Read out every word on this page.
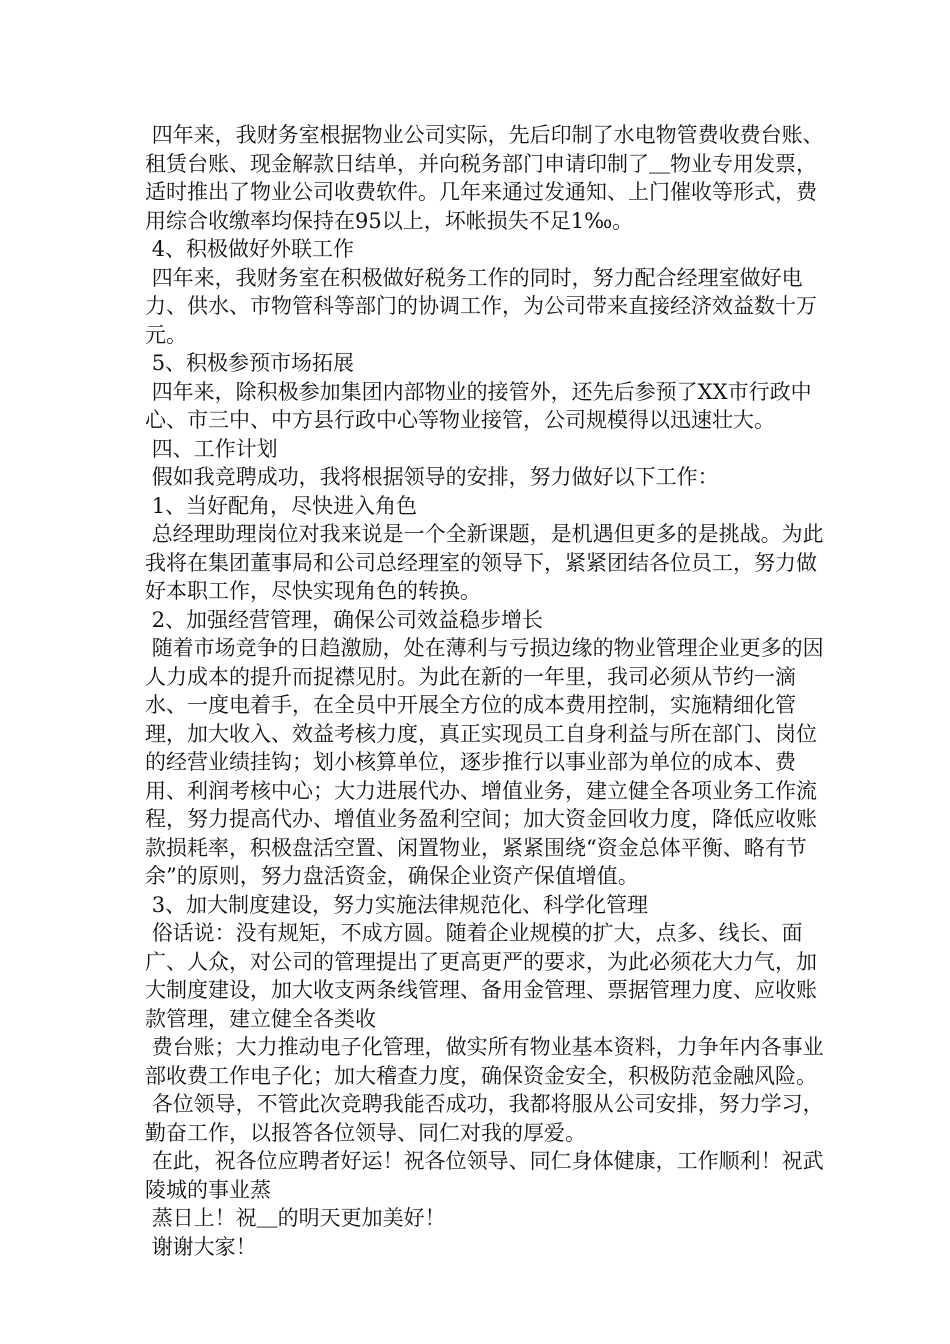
四年来，我财务室根据物业公司实际，先后印制了水电物管费收费台账、租赁台账、现金解款日结单，并向税务部门申请印制了＿物业专用发票，适时推出了物业公司收费软件。几年来通过发通知、上门催收等形式，费用综合收缴率均保持在95以上，坏帐损失不足1‰。

4、积极做好外联工作

四年来，我财务室在积极做好税务工作的同时，努力配合经理室做好电力、供水、市物管科等部门的协调工作，为公司带来直接经济效益数十万元。

5、积极参预市场拓展

四年来，除积极参加集团内部物业的接管外，还先后参预了XX市行政中心、市三中、中方县行政中心等物业接管，公司规模得以迅速壮大。

四、工作计划

假如我竞聘成功，我将根据领导的安排，努力做好以下工作：

1、当好配角，尽快进入角色

总经理助理岗位对我来说是一个全新课题，是机遇但更多的是挑战。为此我将在集团董事局和公司总经理室的领导下，紧紧团结各位员工，努力做好本职工作，尽快实现角色的转换。

2、加强经营管理，确保公司效益稳步增长

随着市场竞争的日趋激励，处在薄利与亏损边缘的物业管理企业更多的因人力成本的提升而捉襟见肘。为此在新的一年里，我司必须从节约一滴水、一度电着手，在全员中开展全方位的成本费用控制，实施精细化管理，加大收入、效益考核力度，真正实现员工自身利益与所在部门、岗位的经营业绩挂钩；划小核算单位，逐步推行以事业部为单位的成本、费用、利润考核中心；大力进展代办、增值业务，建立健全各项业务工作流程，努力提高代办、增值业务盈利空间；加大资金回收力度，降低应收账款损耗率，积极盘活空置、闲置物业，紧紧围绕“资金总体平衡、略有节余”的原则，努力盘活资金，确保企业资产保值增值。

3、加大制度建设，努力实施法律规范化、科学化管理

俗话说：没有规矩，不成方圆。随着企业规模的扩大，点多、线长、面广、人众，对公司的管理提出了更高更严的要求，为此必须花大力气，加大制度建设，加大收支两条线管理、备用金管理、票据管理力度、应收账款管理，建立健全各类收

费台账；大力推动电子化管理，做实所有物业基本资料，力争年内各事业部收费工作电子化；加大稽查力度，确保资金安全，积极防范金融风险。

各位领导，不管此次竞聘我能否成功，我都将服从公司安排，努力学习，勤奋工作，以报答各位领导、同仁对我的厚爱。

在此，祝各位应聘者好运！祝各位领导、同仁身体健康，工作顺利！祝武陵城的事业蒸

蒸日上！祝＿的明天更加美好！

谢谢大家！
